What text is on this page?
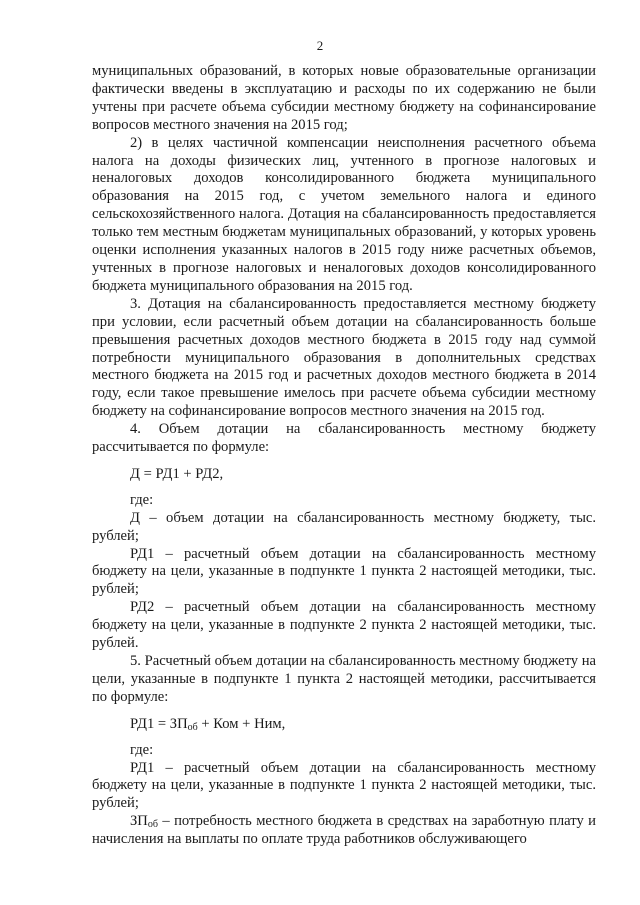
2

муниципальных образований, в которых новые образовательные организации фактически введены в эксплуатацию и расходы по их содержанию не были учтены при расчете объема субсидии местному бюджету на софинансирование вопросов местного значения на 2015 год;

2) в целях частичной компенсации неисполнения расчетного объема налога на доходы физических лиц, учтенного в прогнозе налоговых и неналоговых доходов консолидированного бюджета муниципального образования на 2015 год, с учетом земельного налога и единого сельскохозяйственного налога. Дотация на сбалансированность предоставляется только тем местным бюджетам муниципальных образований, у которых уровень оценки исполнения указанных налогов в 2015 году ниже расчетных объемов, учтенных в прогнозе налоговых и неналоговых доходов консолидированного бюджета муниципального образования на 2015 год.

3. Дотация на сбалансированность предоставляется местному бюджету при условии, если расчетный объем дотации на сбалансированность больше превышения расчетных доходов местного бюджета в 2015 году над суммой потребности муниципального образования в дополнительных средствах местного бюджета на 2015 год и расчетных доходов местного бюджета в 2014 году, если такое превышение имелось при расчете объема субсидии местному бюджету на софинансирование вопросов местного значения на 2015 год.

4. Объем дотации на сбалансированность местному бюджету рассчитывается по формуле:

Д = РД1 + РД2,

где:

Д – объем дотации на сбалансированность местному бюджету, тыс. рублей;

РД1 – расчетный объем дотации на сбалансированность местному бюджету на цели, указанные в подпункте 1 пункта 2 настоящей методики, тыс. рублей;

РД2 – расчетный объем дотации на сбалансированность местному бюджету на цели, указанные в подпункте 2 пункта 2 настоящей методики, тыс. рублей.

5. Расчетный объем дотации на сбалансированность местному бюджету на цели, указанные в подпункте 1 пункта 2 настоящей методики, рассчитывается по формуле:

$РД1 = ЗП_{об}$ + Ком + Ним,

где:

РД1 – расчетный объем дотации на сбалансированность местному бюджету на цели, указанные в подпункте 1 пункта 2 настоящей методики, тыс. рублей;

$ЗП_{об}$ – потребность местного бюджета в средствах на заработную плату и начисления на выплаты по оплате труда работников обслуживающего
